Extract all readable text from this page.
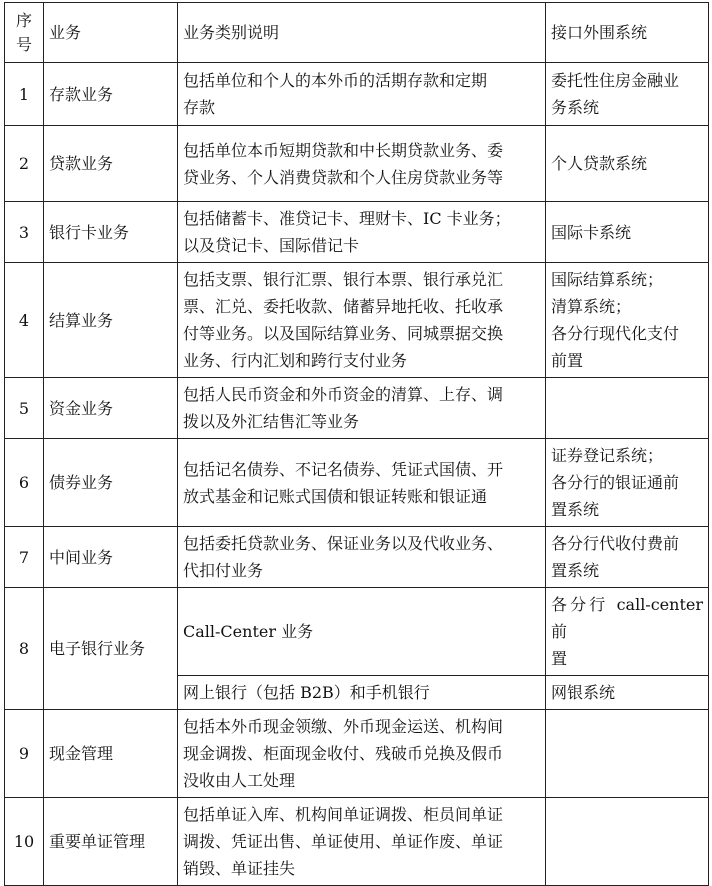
序
号	业务	业务类别说明	接口外围系统
1	存款业务	包括单位和个人的本外币的活期存款和定期
存款	委托性住房金融业
务系统

2	贷款业务	包括单位本币短期贷款和中长期贷款业务、委
贷业务、个人消费贷款和个人住房贷款业务等	个人贷款系统

3	银行卡业务	包括储蓄卡、准贷记卡、理财卡、IC 卡业务；
以及贷记卡、国际借记卡	国际卡系统

4	结算业务	包括支票、银行汇票、银行本票、银行承兑汇
票、汇兑、委托收款、储蓄异地托收、托收承
付等业务。以及国际结算业务、同城票据交换
业务、行内汇划和跨行支付业务	国际结算系统；
清算系统；
各分行现代化支付
前置

5	资金业务	包括人民币资金和外币资金的清算、上存、调
拨以及外汇结售汇等业务	

6	债券业务	包括记名债券、不记名债券、凭证式国债、开
放式基金和记账式国债和银证转账和银证通	证券登记系统；
各分行的银证通前
置系统

7	中间业务	包括委托贷款业务、保证业务以及代收业务、
代扣付业务	各分行代收付费前
置系统

8	电子银行业务	Call-Center 业务	各分行 call-center 前
置

		网上银行（包括 B2B）和手机银行	网银系统

9	现金管理	包括本外币现金领缴、外币现金运送、机构间
现金调拨、柜面现金收付、残破币兑换及假币
没收由人工处理	

10	重要单证管理	包括单证入库、机构间单证调拨、柜员间单证
调拨、凭证出售、单证使用、单证作废、单证
销毁、单证挂失	
